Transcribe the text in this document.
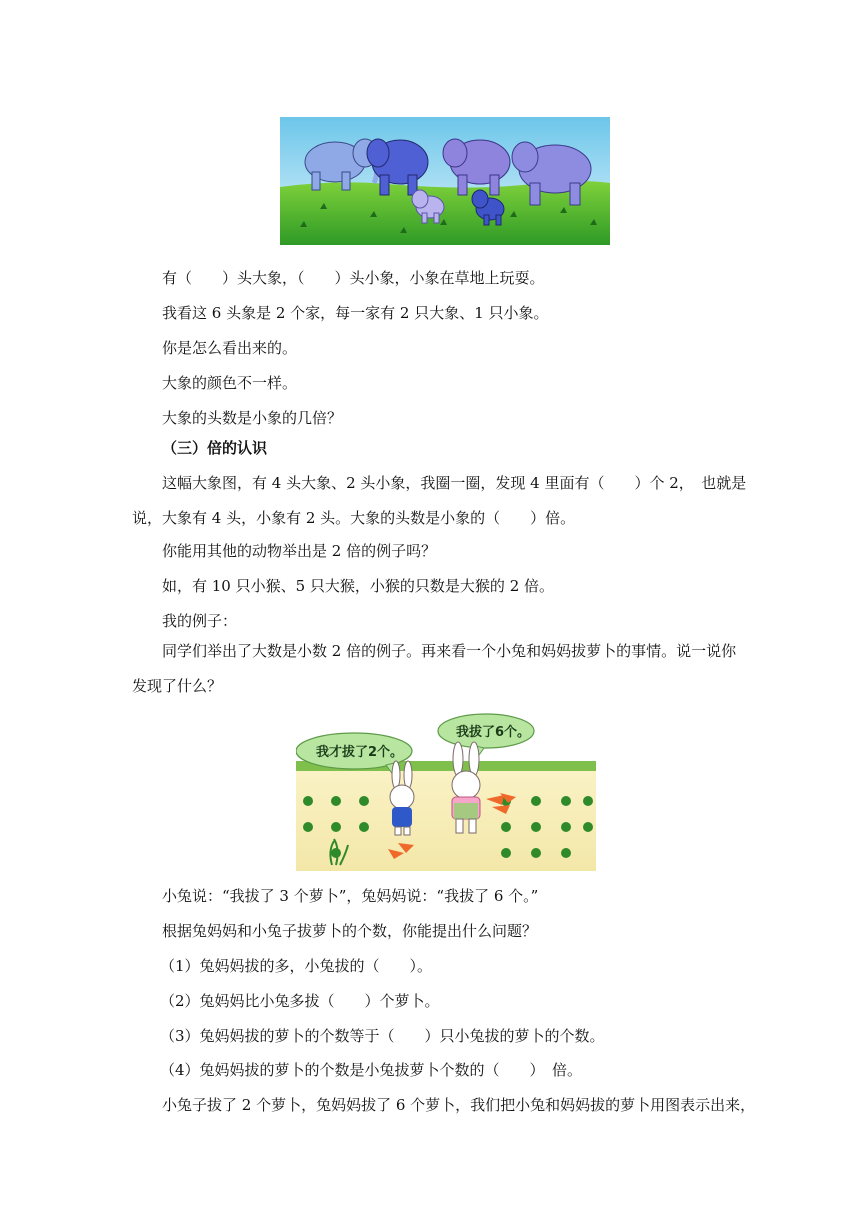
有（　　）头大象，（　　）头小象，小象在草地上玩耍。
我看这 6 头象是 2 个家，每一家有 2 只大象、1 只小象。
你是怎么看出来的。
大象的颜色不一样。
大象的头数是小象的几倍？
（三）倍的认识
这幅大象图，有 4 头大象、2 头小象，我圈一圈，发现 4 里面有（　　）个 2，　也就是
说，大象有 4 头，小象有 2 头。大象的头数是小象的（　　）倍。
你能用其他的动物举出是 2 倍的例子吗？
如，有 10 只小猴、5 只大猴，小猴的只数是大猴的 2 倍。
我的例子：
同学们举出了大数是小数 2 倍的例子。再来看一个小兔和妈妈拔萝卜的事情。说一说你
发现了什么？
我才拔了2个。
我拔了6个。
小兔说：“我拔了 3 个萝卜”，兔妈妈说：“我拔了 6 个。”
根据兔妈妈和小兔子拔萝卜的个数，你能提出什么问题？
（1）兔妈妈拔的多，小兔拔的（　　）。
（2）兔妈妈比小兔多拔（　　）个萝卜。
（3）兔妈妈拔的萝卜的个数等于（　　）只小兔拔的萝卜的个数。
（4）兔妈妈拔的萝卜的个数是小兔拔萝卜个数的（　　）　倍。
小兔子拔了 2 个萝卜，兔妈妈拔了 6 个萝卜，我们把小兔和妈妈拔的萝卜用图表示出来，
